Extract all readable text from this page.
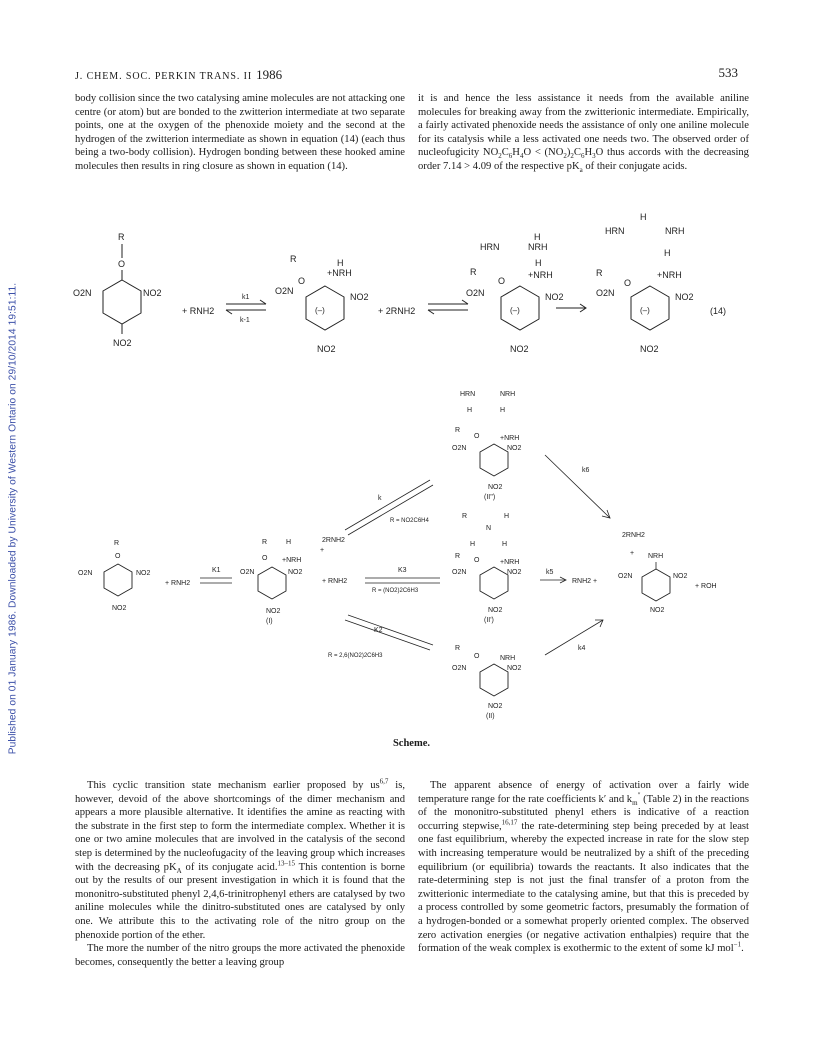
Published on 01 January 1986. Downloaded by University of Western Ontario on 29/10/2014 19:51:11.
J. CHEM. SOC. PERKIN TRANS. II 1986	533

body collision since the two catalysing amine molecules are not attacking one centre (or atom) but are bonded to the zwitterion intermediate at two separate points, one at the oxygen of the phenoxide moiety and the second at the hydrogen of the zwitterion intermediate as shown in equation (14) (each thus being a two-body collision). Hydrogen bonding between these hooked amine molecules then results in ring closure as shown in equation (14).

it is and hence the less assistance it needs from the available aniline molecules for breaking away from the zwitterionic intermediate. Empirically, a fairly activated phenoxide needs the assistance of only one aniline molecule for its catalysis while a less activated one needs two. The observed order of nucleofugicity $NO_2C_6H_4O < (NO_2)_2C_6H_3O$ thus accords with the decreasing order 7.14 > 4.09 of the respective $pK_a$ of their conjugate acids.

R
O
O2N	NO2
NO2
+ RNH2
k1
k-1
(–)
R
O
H
+NRH
O2N
NO2
NO2
+ 2RNH2	(–)
HRN	NRH
H
R
O
H
+NRH
O2N	NO2
NO2
(–)
HRN	NRH
H
H
R
O
+NRH
O2N	NO2
NO2
(14)
R
O
O2N	NO2
NO2
+ RNH2
K1
R	H
O +NRH
O2N	NO2
NO2
(I)
2RNH2
+
+ RNH2
K3
R = (NO2)2C6H3
k
R = NO2C6H4
K2
R = 2,6(NO2)2C6H3
HRN	NRH
H	H
R
O	+NRH
O2N	NO2
NO2
(II'')
R	H
N
H	H
R
O	+NRH
O2N	NO2
NO2
(II')
R
O	NRH
O2N	NO2
NO2
(II)
k6
k5
RNH2 +
k4
2RNH2
+ NRH
O2N	NO2
NO2
+ ROH
Scheme.

This cyclic transition state mechanism earlier proposed by us$^{6,7}$ is, however, devoid of the above shortcomings of the dimer mechanism and appears a more plausible alternative. It identifies the amine as reacting with the substrate in the first step to form the intermediate complex. Whether it is one or two amine molecules that are involved in the catalysis of the second step is determined by the nucleofugacity of the leaving group which increases with the decreasing $pK_A$ of its conjugate acid.$^{13-15}$ This contention is borne out by the results of our present investigation in which it is found that the mononitro-substituted phenyl 2,4,6-trinitrophenyl ethers are catalysed by two aniline molecules while the dinitro-substituted ones are catalysed by only one. We attribute this to the activating role of the nitro group on the phenoxide portion of the ether.

The more the number of the nitro groups the more activated the phenoxide becomes, consequently the better a leaving group

The apparent absence of energy of activation over a fairly wide temperature range for the rate coefficients k′ and $k_m''$ (Table 2) in the reactions of the mononitro-substituted phenyl ethers is indicative of a reaction occurring stepwise,$^{16,17}$ the rate-determining step being preceded by at least one fast equilibrium, whereby the expected increase in rate for the slow step with increasing temperature would be neutralized by a shift of the preceding equilibrium (or equilibria) towards the reactants. It also indicates that the rate-determining step is not just the final transfer of a proton from the zwitterionic intermediate to the catalysing amine, but that this is preceded by a process controlled by some geometric factors, presumably the formation of a hydrogen-bonded or a somewhat properly oriented complex. The observed zero activation energies (or negative activation enthalpies) require that the formation of the weak complex is exothermic to the extent of some kJ mol$^{-1}$.
